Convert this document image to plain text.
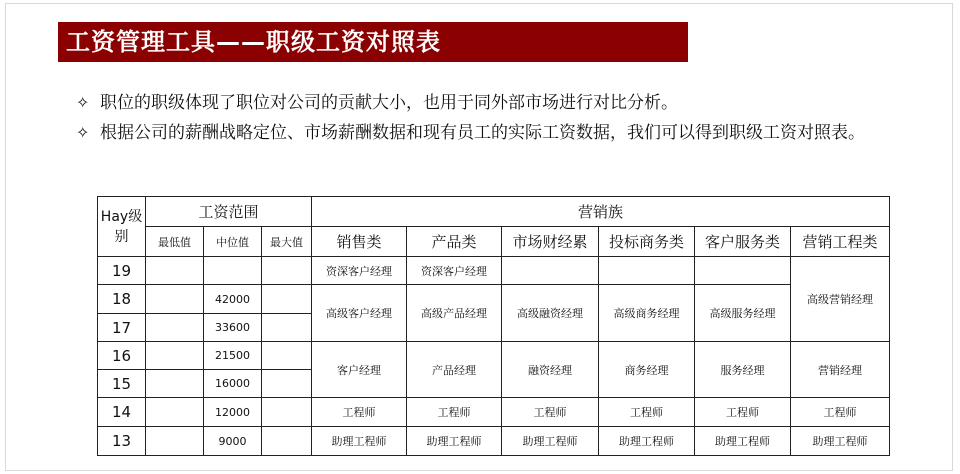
工资管理工具——职级工资对照表
✧ 职位的职级体现了职位对公司的贡献大小，也用于同外部市场进行对比分析。
✧ 根据公司的薪酬战略定位、市场薪酬数据和现有员工的实际工资数据，我们可以得到职级工资对照表。
Hay级别	工资范围			营销族					
	最低值	中位值	最大值	销售类	产品类	市场财经累	投标商务类	客户服务类	营销工程类
19				资深客户经理	资深客户经理				高级营销经理
18		42000		高级客户经理	高级产品经理	高级融资经理	高级商务经理	高级服务经理	
17		33600							
16		21500		客户经理	产品经理	融资经理	商务经理	服务经理	营销经理
15		16000							
14		12000		工程师	工程师	工程师	工程师	工程师	工程师
13		9000		助理工程师	助理工程师	助理工程师	助理工程师	助理工程师	助理工程师
